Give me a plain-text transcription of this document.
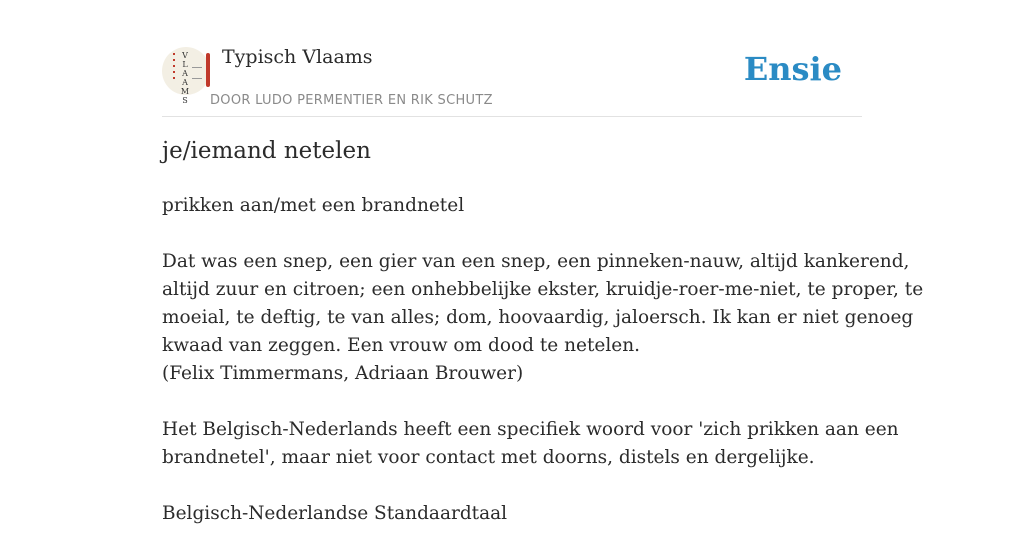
V
L
A
A
M
S
Typisch Vlaams
DOOR LUDO PERMENTIER EN RIK SCHUTZ
Ensie
je/iemand netelen

prikken aan/met een brandnetel

Dat was een snep, een gier van een snep, een pinneken-nauw, altijd kankerend,
altijd zuur en citroen; een onhebbelijke ekster, kruidje-roer-me-niet, te proper, te
moeial, te deftig, te van alles; dom, hoovaardig, jaloersch. Ik kan er niet genoeg
kwaad van zeggen. Een vrouw om dood te netelen.
(Felix Timmermans, Adriaan Brouwer)

Het Belgisch-Nederlands heeft een specifiek woord voor 'zich prikken aan een
brandnetel', maar niet voor contact met doorns, distels en dergelijke.

Belgisch-Nederlandse Standaardtaal
